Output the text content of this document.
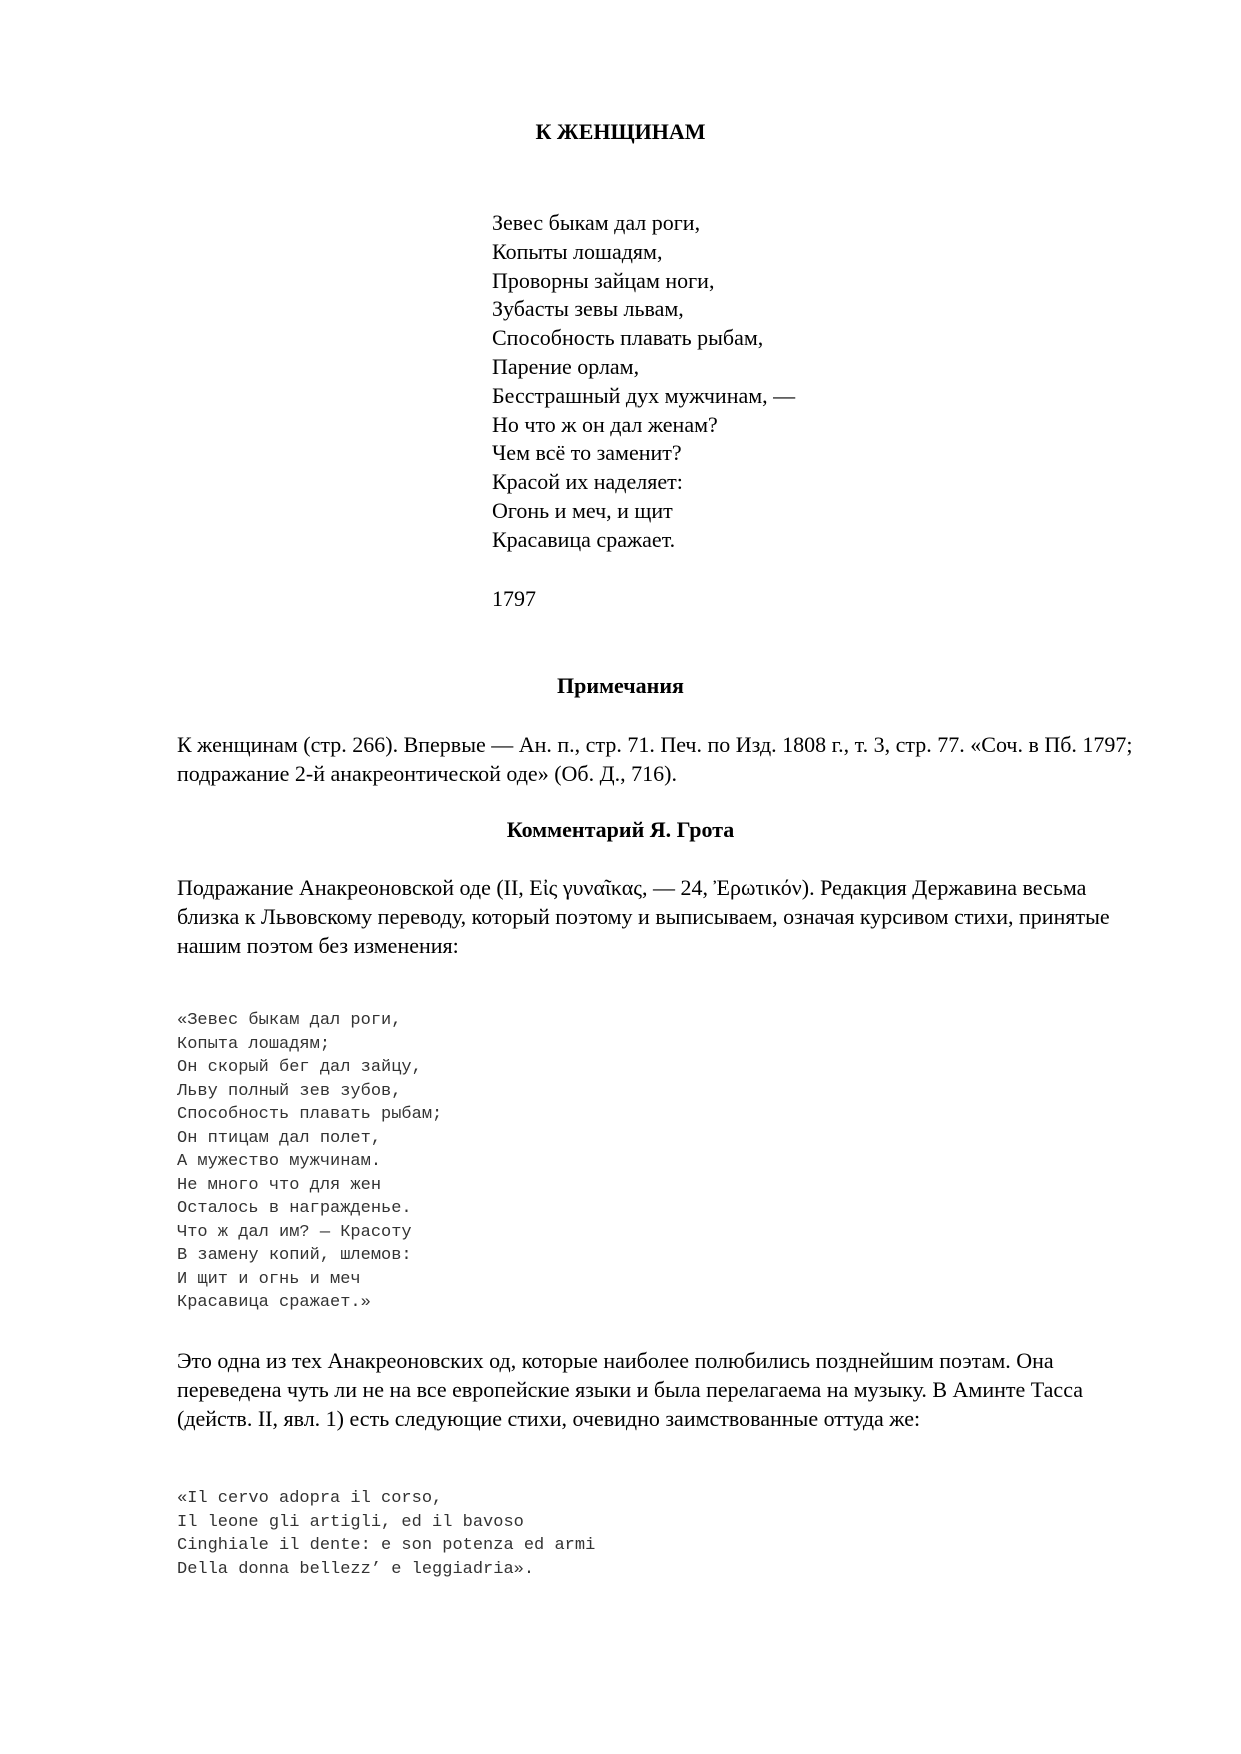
К ЖЕНЩИНАМ
Зевес быкам дал роги,
Копыты лошадям,
Проворны зайцам ноги,
Зубасты зевы львам,
Способность плавать рыбам,
Парение орлам,
Бесстрашный дух мужчинам, —
Но что ж он дал женам?
Чем всё то заменит?
Красой их наделяет:
Огонь и меч, и щит
Красавица сражает.

1797

Примечания

К женщинам (стр. 266). Впервые — Ан. п., стр. 71. Печ. по Изд. 1808 г., т. 3, стр. 77. «Соч. в Пб. 1797; подражание 2-й анакреонтической оде» (Об. Д., 716).

Комментарий Я. Грота

Подражание Анакреоновской оде (II, Εἰς γυναῖκας, — 24, Ἐρωτικόν). Редакция Державина весьма близка к Львовскому переводу, который поэтому и выписываем, означая курсивом стихи, принятые нашим поэтом без изменения:

«Зевес быкам дал роги,
Копыта лошадям;
Он скорый бег дал зайцу,
Льву полный зев зубов,
Способность плавать рыбам;
Он птицам дал полет,
А мужество мужчинам.
Не много что для жен
Осталось в награжденье.
Что ж дал им? — Красоту
В замену копий, шлемов:
И щит и огнь и меч
Красавица сражает.»

Это одна из тех Анакреоновских од, которые наиболее полюбились позднейшим поэтам. Она переведена чуть ли не на все европейские языки и была перелагаема на музыку. В Аминте Тасса (действ. II, явл. 1) есть следующие стихи, очевидно заимствованные оттуда же:

«Il cervo adopra il corso,
Il leone gli artigli, ed il bavoso
Cinghiale il dente: e son potenza ed armi
Della donna bellezz’ e leggiadria».
